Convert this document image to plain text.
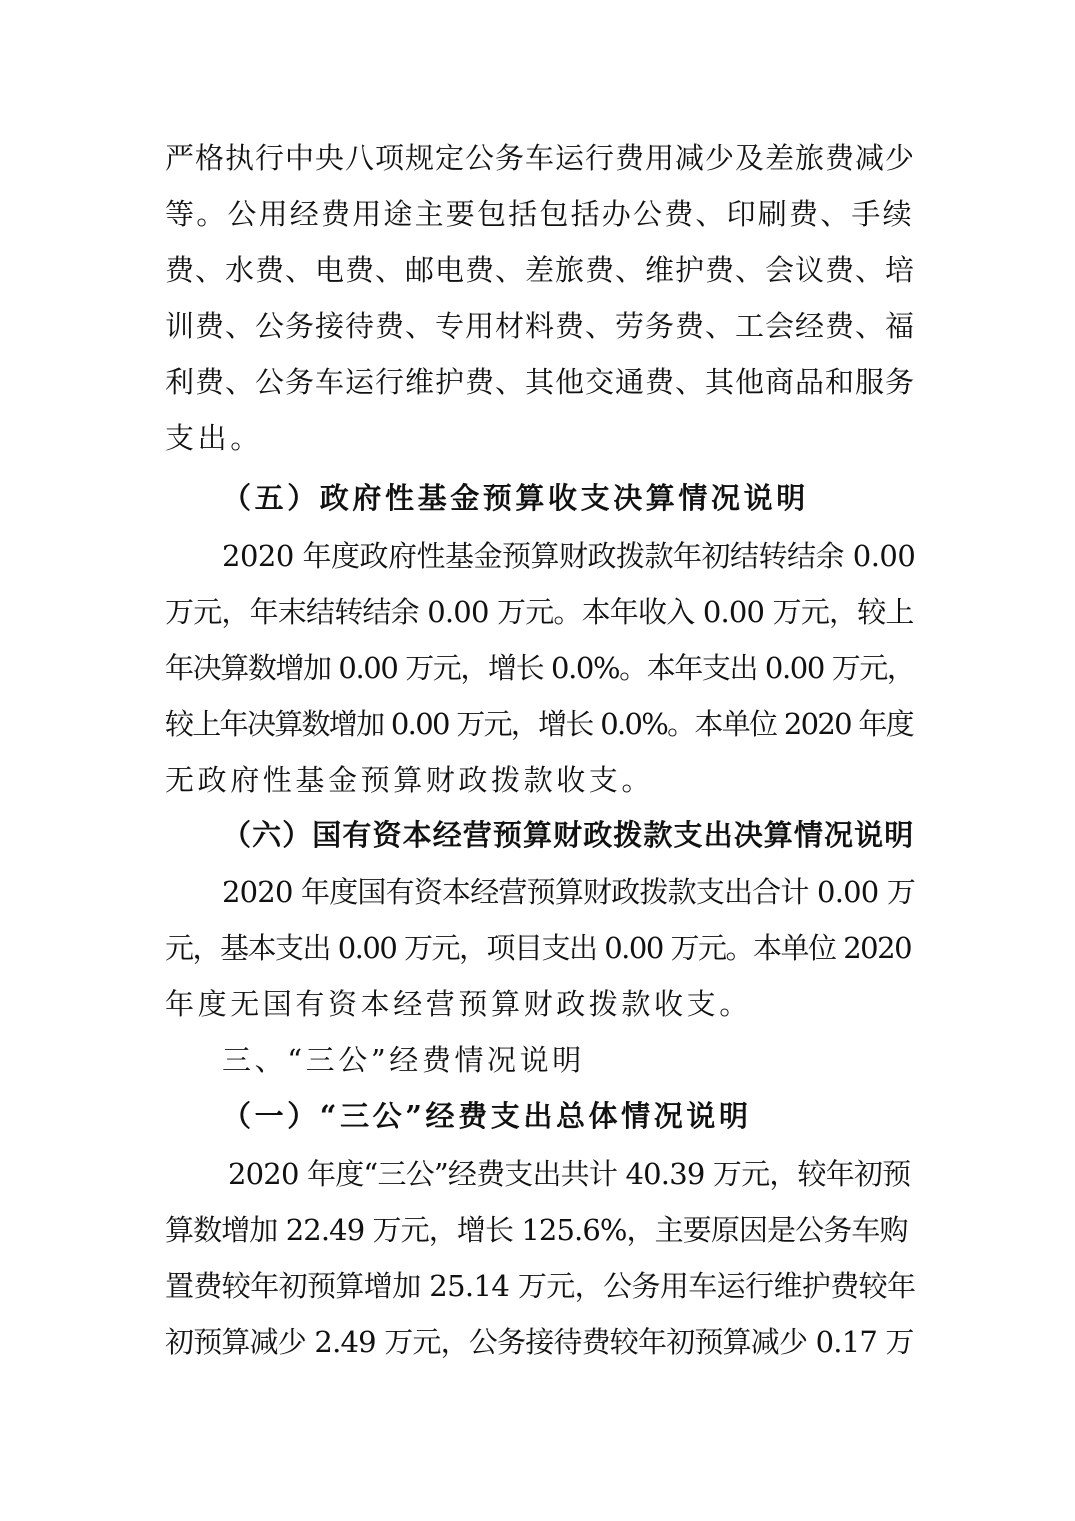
严格执行中央八项规定公务车运行费用减少及差旅费减少
等。公用经费用途主要包括包括办公费、印刷费、手续
费、水费、电费、邮电费、差旅费、维护费、会议费、培
训费、公务接待费、专用材料费、劳务费、工会经费、福
利费、公务车运行维护费、其他交通费、其他商品和服务
支出。
（五）政府性基金预算收支决算情况说明
2020 年度政府性基金预算财政拨款年初结转结余 0.00
万元，年末结转结余 0.00 万元。本年收入 0.00 万元，较上
年决算数增加 0.00 万元，增长 0.0%。本年支出 0.00 万元，
较上年决算数增加 0.00 万元，增长 0.0%。本单位 2020 年度
无政府性基金预算财政拨款收支。
（六）国有资本经营预算财政拨款支出决算情况说明
2020 年度国有资本经营预算财政拨款支出合计 0.00 万
元，基本支出 0.00 万元，项目支出 0.00 万元。本单位 2020
年度无国有资本经营预算财政拨款收支。
三、“三公”经费情况说明
（一）“三公”经费支出总体情况说明
2020 年度“三公”经费支出共计 40.39 万元，较年初预
算数增加 22.49 万元，增长 125.6%，主要原因是公务车购
置费较年初预算增加 25.14 万元，公务用车运行维护费较年
初预算减少 2.49 万元，公务接待费较年初预算减少 0.17 万
